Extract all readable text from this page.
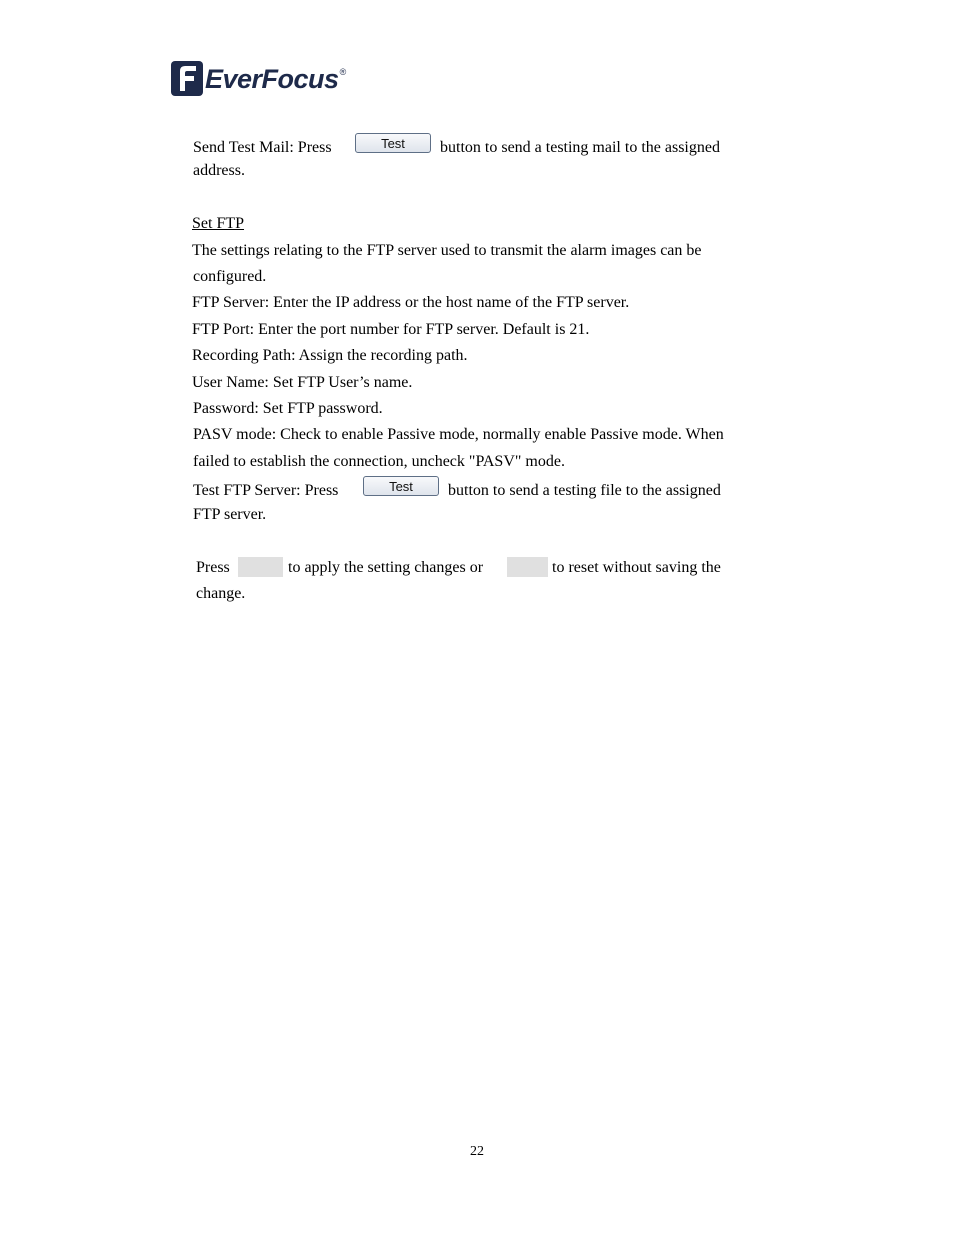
EverFocus ®
Send Test Mail: Press	Test	button to send a testing mail to the assigned
address.
Set FTP
The settings relating to the FTP server used to transmit the alarm images can be
configured.
FTP Server: Enter the IP address or the host name of the FTP server.
FTP Port: Enter the port number for FTP server. Default is 21.
Recording Path: Assign the recording path.
User Name: Set FTP User’s name.
Password: Set FTP password.
PASV mode: Check to enable Passive mode, normally enable Passive mode. When
failed to establish the connection, uncheck "PASV" mode.
Test FTP Server: Press	Test	button to send a testing file to the assigned
FTP server.
Press	to apply the setting changes or	to reset without saving the
change.
22
